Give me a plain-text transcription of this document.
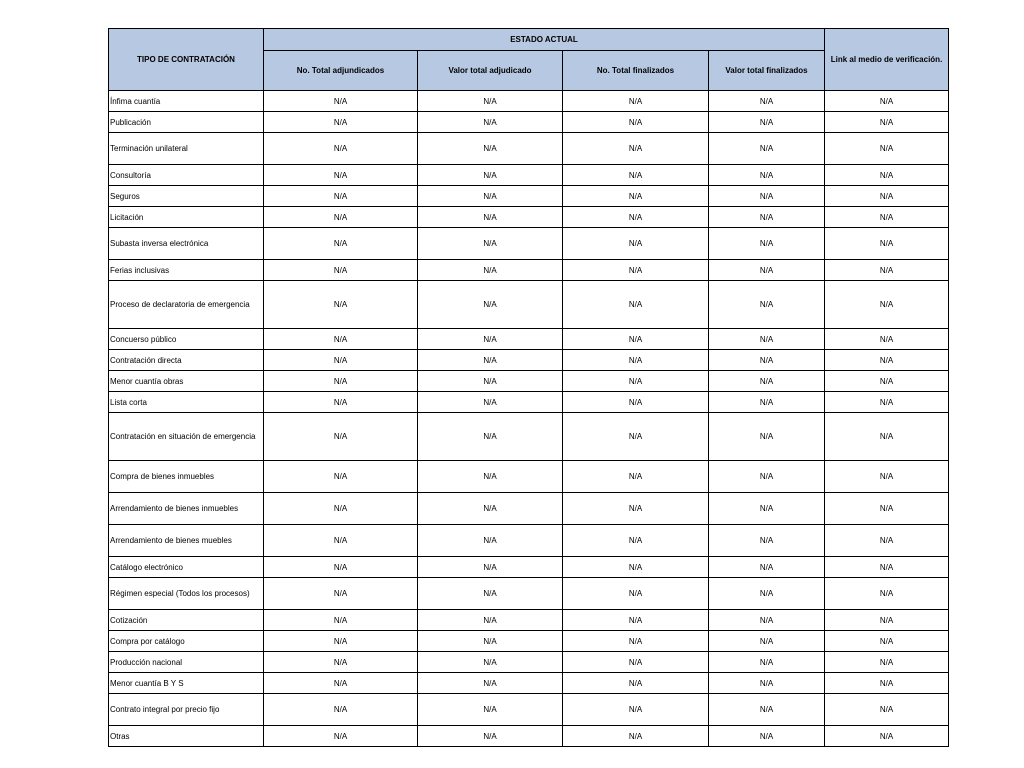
TIPO DE CONTRATACIÓN	ESTADO ACTUAL				Link al medio de verificación.
	No. Total adjundicados	Valor total adjudicado	No. Total finalizados	Valor total finalizados	
Ínfima cuantía	N/A	N/A	N/A	N/A	N/A
Publicación	N/A	N/A	N/A	N/A	N/A
Terminación unilateral	N/A	N/A	N/A	N/A	N/A
Consultoría	N/A	N/A	N/A	N/A	N/A
Seguros	N/A	N/A	N/A	N/A	N/A
Licitación	N/A	N/A	N/A	N/A	N/A
Subasta inversa electrónica	N/A	N/A	N/A	N/A	N/A
Ferias inclusivas	N/A	N/A	N/A	N/A	N/A
Proceso de declaratoria de emergencia	N/A	N/A	N/A	N/A	N/A
Concuerso público	N/A	N/A	N/A	N/A	N/A
Contratación directa	N/A	N/A	N/A	N/A	N/A
Menor cuantía obras	N/A	N/A	N/A	N/A	N/A
Lista corta	N/A	N/A	N/A	N/A	N/A
Contratación en situación de emergencia	N/A	N/A	N/A	N/A	N/A
Compra de bienes inmuebles	N/A	N/A	N/A	N/A	N/A
Arrendamiento de bienes inmuebles	N/A	N/A	N/A	N/A	N/A
Arrendamiento de bienes muebles	N/A	N/A	N/A	N/A	N/A
Catálogo electrónico	N/A	N/A	N/A	N/A	N/A
Régimen especial (Todos los procesos)	N/A	N/A	N/A	N/A	N/A
Cotización	N/A	N/A	N/A	N/A	N/A
Compra por catálogo	N/A	N/A	N/A	N/A	N/A
Producción nacional	N/A	N/A	N/A	N/A	N/A
Menor cuantía B Y S	N/A	N/A	N/A	N/A	N/A
Contrato integral por precio fijo	N/A	N/A	N/A	N/A	N/A
Otras	N/A	N/A	N/A	N/A	N/A
